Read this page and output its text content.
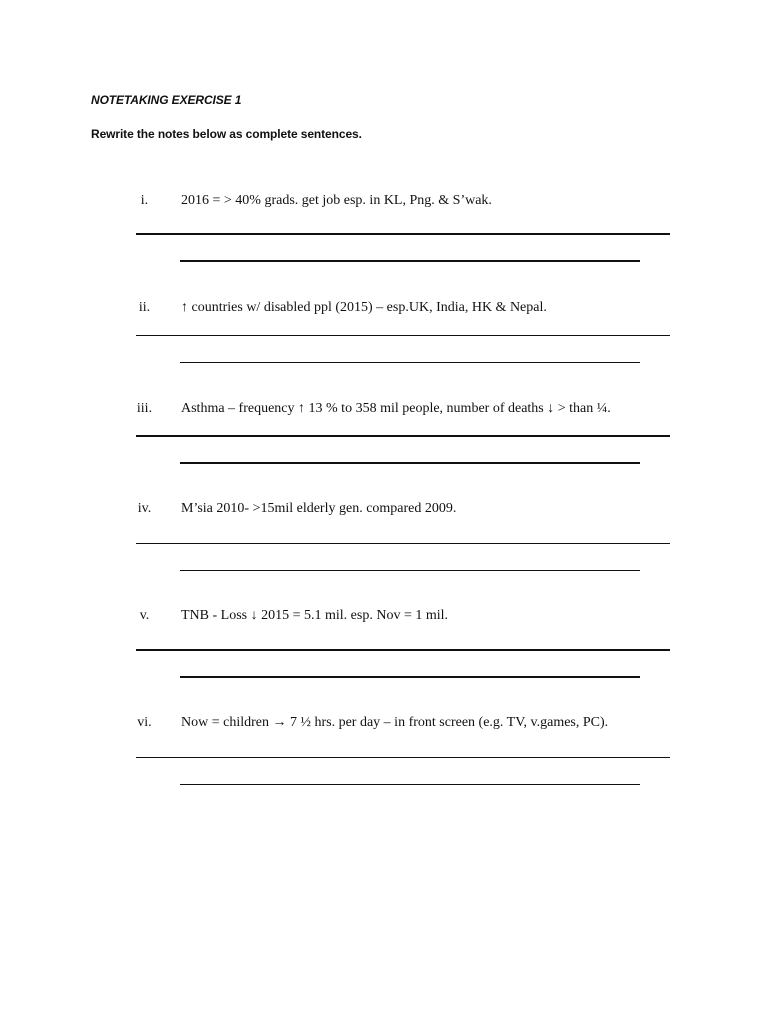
NOTETAKING EXERCISE 1
Rewrite the notes below as complete sentences.
i.	2016 = > 40% grads. get job esp. in KL, Png. & S’wak.
ii.	↑ countries w/ disabled ppl (2015) – esp.UK, India, HK & Nepal.
iii.	Asthma – frequency ↑ 13 % to 358 mil people, number of deaths ↓ > than ¼.
iv.	M’sia 2010- >15mil elderly gen. compared 2009.
v.	TNB - Loss ↓ 2015 = 5.1 mil. esp. Nov = 1 mil.
vi.	Now = children → 7 ½ hrs. per day – in front screen (e.g. TV, v.games, PC).
